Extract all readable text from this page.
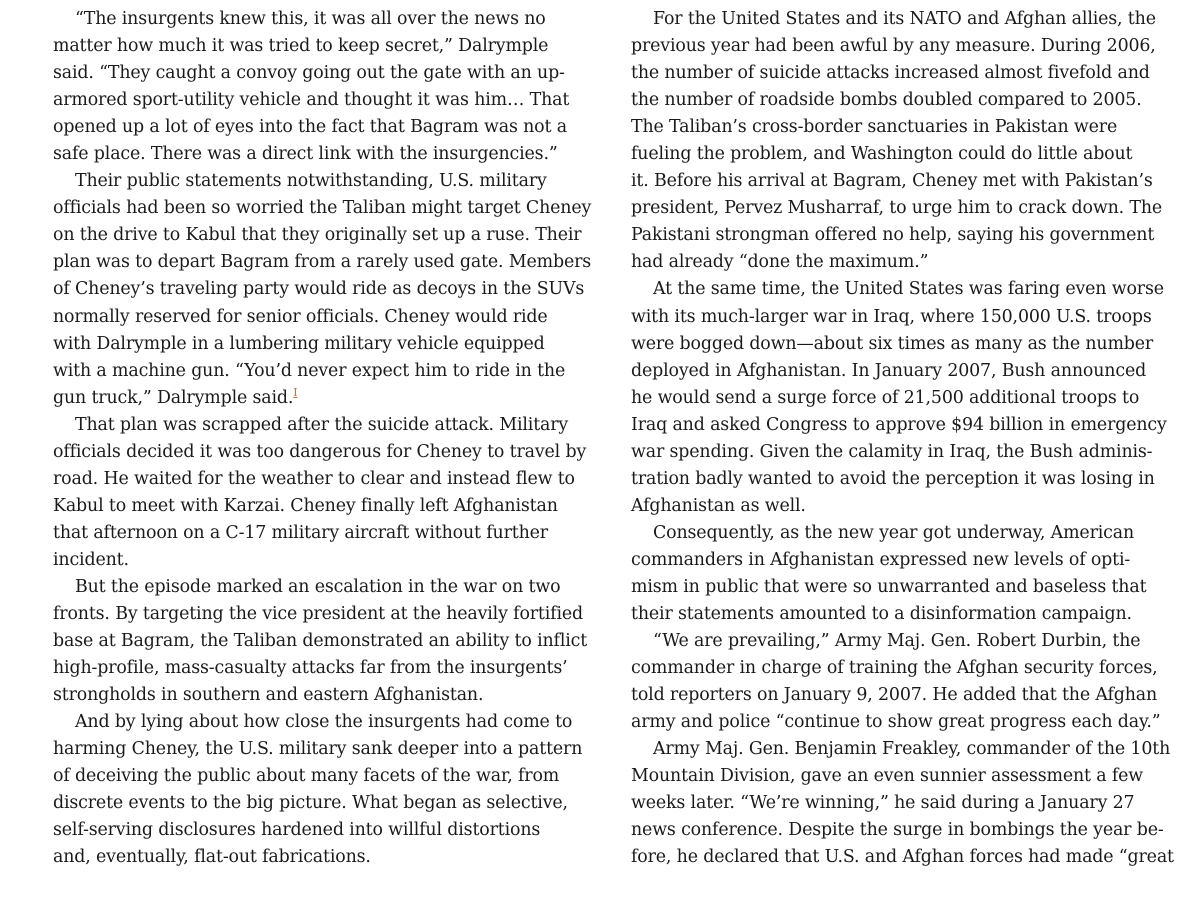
“The insurgents knew this, it was all over the news no
matter how much it was tried to keep secret,” Dalrymple
said. “They caught a convoy going out the gate with an up-
armored sport-utility vehicle and thought it was him… That
opened up a lot of eyes into the fact that Bagram was not a
safe place. There was a direct link with the insurgencies.”
Their public statements notwithstanding, U.S. military
officials had been so worried the Taliban might target Cheney
on the drive to Kabul that they originally set up a ruse. Their
plan was to depart Bagram from a rarely used gate. Members
of Cheney’s traveling party would ride as decoys in the SUVs
normally reserved for senior officials. Cheney would ride
with Dalrymple in a lumbering military vehicle equipped
with a machine gun. “You’d never expect him to ride in the
gun truck,” Dalrymple said.$^I$
That plan was scrapped after the suicide attack. Military
officials decided it was too dangerous for Cheney to travel by
road. He waited for the weather to clear and instead flew to
Kabul to meet with Karzai. Cheney finally left Afghanistan
that afternoon on a C-17 military aircraft without further
incident.
But the episode marked an escalation in the war on two
fronts. By targeting the vice president at the heavily fortified
base at Bagram, the Taliban demonstrated an ability to inflict
high-profile, mass-casualty attacks far from the insurgents’
strongholds in southern and eastern Afghanistan.
And by lying about how close the insurgents had come to
harming Cheney, the U.S. military sank deeper into a pattern
of deceiving the public about many facets of the war, from
discrete events to the big picture. What began as selective,
self-serving disclosures hardened into willful distortions
and, eventually, flat-out fabrications.
For the United States and its NATO and Afghan allies, the
previous year had been awful by any measure. During 2006,
the number of suicide attacks increased almost fivefold and
the number of roadside bombs doubled compared to 2005.
The Taliban’s cross-border sanctuaries in Pakistan were
fueling the problem, and Washington could do little about
it. Before his arrival at Bagram, Cheney met with Pakistan’s
president, Pervez Musharraf, to urge him to crack down. The
Pakistani strongman offered no help, saying his government
had already “done the maximum.”
At the same time, the United States was faring even worse
with its much-larger war in Iraq, where 150,000 U.S. troops
were bogged down—about six times as many as the number
deployed in Afghanistan. In January 2007, Bush announced
he would send a surge force of 21,500 additional troops to
Iraq and asked Congress to approve $94 billion in emergency
war spending. Given the calamity in Iraq, the Bush adminis-
tration badly wanted to avoid the perception it was losing in
Afghanistan as well.
Consequently, as the new year got underway, American
commanders in Afghanistan expressed new levels of opti-
mism in public that were so unwarranted and baseless that
their statements amounted to a disinformation campaign.
“We are prevailing,” Army Maj. Gen. Robert Durbin, the
commander in charge of training the Afghan security forces,
told reporters on January 9, 2007. He added that the Afghan
army and police “continue to show great progress each day.”
Army Maj. Gen. Benjamin Freakley, commander of the 10th
Mountain Division, gave an even sunnier assessment a few
weeks later. “We’re winning,” he said during a January 27
news conference. Despite the surge in bombings the year be-
fore, he declared that U.S. and Afghan forces had made “great
